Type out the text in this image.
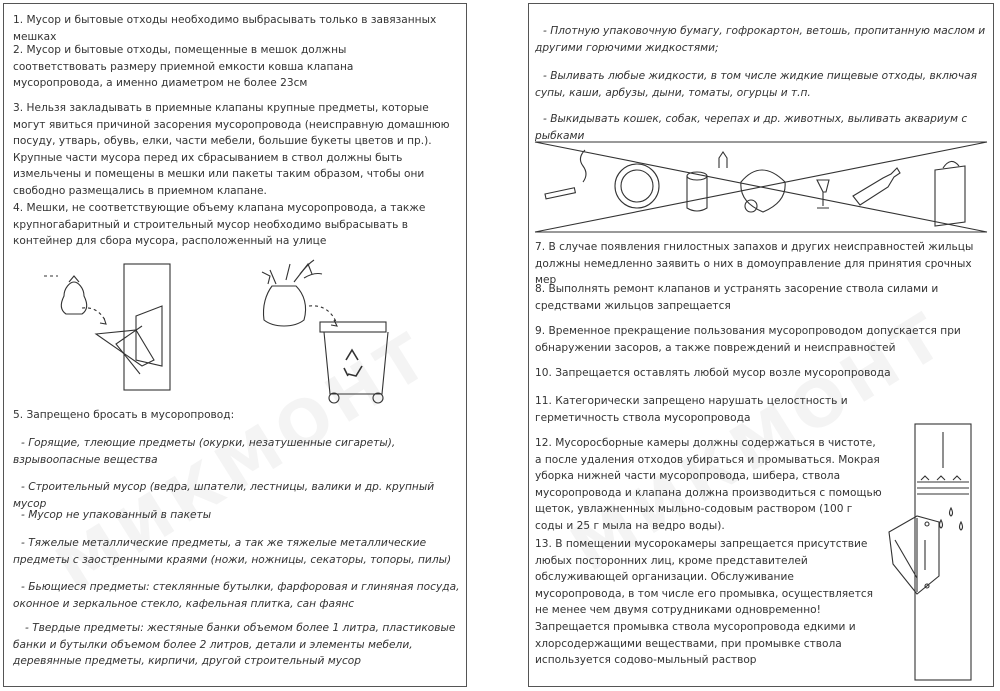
1. Мусор и бытовые отходы необходимо выбрасывать только в завязанных мешках

2. Мусор и бытовые отходы, помещенные в мешок должны соответствовать размеру приемной емкости ковша клапана мусоропровода, а именно диаметром не более 23см

3. Нельзя закладывать в приемные клапаны крупные предметы, которые могут явиться причиной засорения мусоропровода (неисправную домашнюю посуду, утварь, обувь, елки, части мебели, большие букеты цветов и пр.). Крупные части мусора перед их сбрасыванием в ствол должны быть измельчены и помещены в мешки или пакеты таким образом, чтобы они свободно размещались в приемном клапане.

4. Мешки, не соответствующие объему клапана мусоропровода, а также крупногабаритный и строительный мусор необходимо выбрасывать в контейнер для сбора мусора, расположенный на улице

5. Запрещено бросать в мусоропровод:

- Горящие, тлеющие предметы (окурки, незатушенные сигареты), взрывоопасные вещества

- Строительный мусор (ведра, шпатели, лестницы, валики и др. крупный мусор

- Мусор не упакованный в пакеты

- Тяжелые металлические предметы, а так же тяжелые металлические предметы с заостренными краями (ножи, ножницы, секаторы, топоры, пилы)

- Бьющиеся предметы: стеклянные бутылки, фарфоровая и глиняная посуда, оконное и зеркальное стекло, кафельная плитка, сан фаянс

- Твердые предметы: жестяные банки объемом более 1 литра, пластиковые банки и бутылки объемом более 2 литров, детали и элементы мебели, деревянные предметы, кирпичи, другой строительный мусор

- Плотную упаковочную бумагу, гофрокартон, ветошь, пропитанную маслом и другими горючими жидкостями;

- Выливать любые жидкости, в том числе жидкие пищевые отходы, включая супы, каши, арбузы, дыни, томаты, огурцы и т.п.

- Выкидывать кошек, собак, черепах и др. животных, выливать аквариум с рыбками

7. В случае появления гнилостных запахов и других неисправностей жильцы должны немедленно заявить о них в домоуправление для принятия срочных мер

8. Выполнять ремонт клапанов и устранять засорение ствола силами и средствами жильцов запрещается

9. Временное прекращение пользования мусоропроводом допускается при обнаружении засоров, а также повреждений и неисправностей

10. Запрещается оставлять любой мусор возле мусоропровода

11. Категорически запрещено нарушать целостность и герметичность ствола мусоропровода

12. Мусоросборные камеры должны содержаться в чистоте, а после удаления отходов убираться и промываться. Мокрая уборка нижней части мусоропровода, шибера, ствола мусоропровода и клапана должна производиться с помощью щеток, увлажненных мыльно-содовым раствором (100 г соды и 25 г мыла на ведро воды).

13. В помещении мусорокамеры запрещается присутствие любых посторонних лиц, кроме представителей обслуживающей организации. Обслуживание мусоропровода, в том числе его промывка, осуществляется не менее чем двумя сотрудниками одновременно! Запрещается промывка ствола мусоропровода едкими и хлорсодержащими веществами, при промывке ствола используется содово-мыльный раствор
